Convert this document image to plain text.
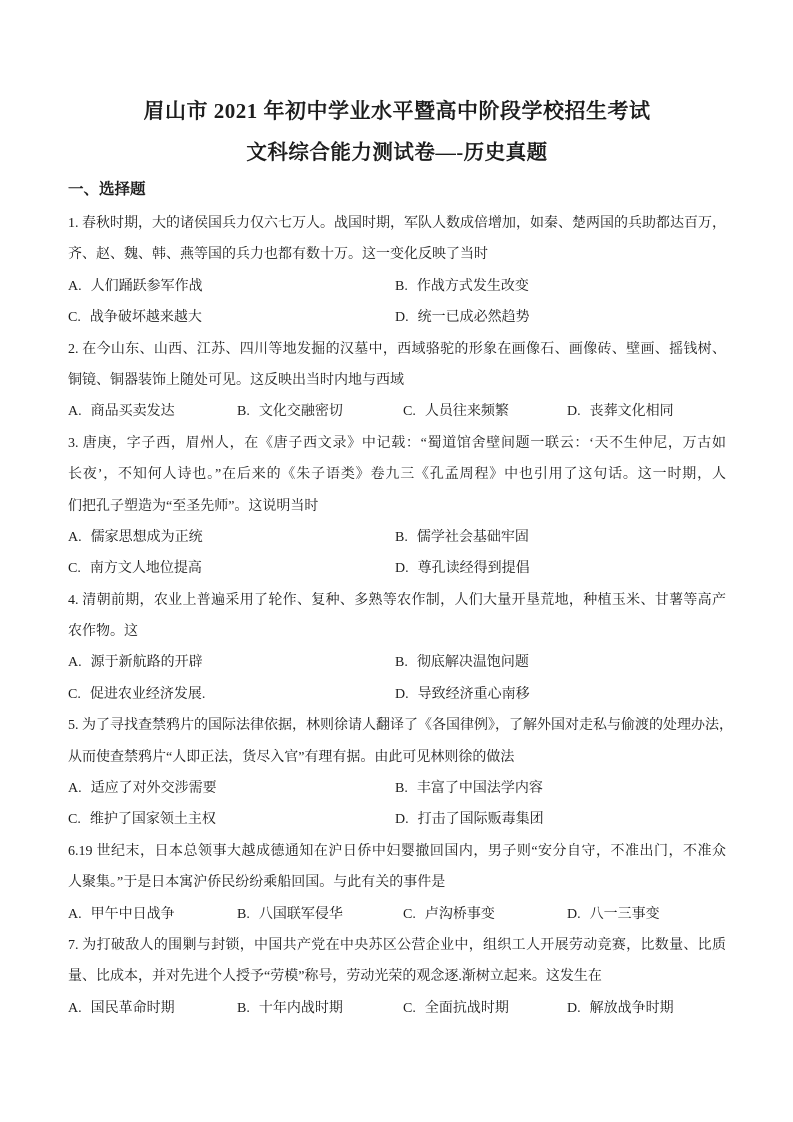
眉山市 2021 年初中学业水平暨高中阶段学校招生考试
文科综合能力测试卷—-历史真题
一、选择题
1. 春秋时期，大的诸侯国兵力仅六七万人。战国时期，军队人数成倍增加，如秦、楚两国的兵助都达百万，
齐、赵、魏、韩、燕等国的兵力也都有数十万。这一变化反映了当时
A. 人们踊跃参军作战	B. 作战方式发生改变
C. 战争破坏越来越大	D. 统一已成必然趋势
2. 在今山东、山西、江苏、四川等地发掘的汉墓中，西域骆驼的形象在画像石、画像砖、壁画、摇钱树、
铜镜、铜器装饰上随处可见。这反映出当时内地与西域
A. 商品买卖发达	B. 文化交融密切	C. 人员往来频繁	D. 丧葬文化相同
3. 唐庚，字子西，眉州人，在《唐子西文录》中记载：“蜀道馆舍壁间题一联云：‘天不生仲尼，万古如
长夜’，不知何人诗也。”在后来的《朱子语类》卷九三《孔孟周程》中也引用了这句话。这一时期，人
们把孔子塑造为“至圣先师”。这说明当时
A. 儒家思想成为正统	B. 儒学社会基础牢固
C. 南方文人地位提高	D. 尊孔读经得到提倡
4. 清朝前期，农业上普遍采用了轮作、复种、多熟等农作制，人们大量开垦荒地，种植玉米、甘薯等高产
农作物。这
A. 源于新航路的开辟	B. 彻底解决温饱问题
C. 促进农业经济发展.	D. 导致经济重心南移
5. 为了寻找查禁鸦片的国际法律依据，林则徐请人翻译了《各国律例》，了解外国对走私与偷渡的处理办法，
从而使查禁鸦片“人即正法，货尽入官”有理有据。由此可见林则徐的做法
A. 适应了对外交涉需要	B. 丰富了中国法学内容
C. 维护了国家领土主权	D. 打击了国际贩毒集团
6.19 世纪末，日本总领事大越成德通知在沪日侨中妇婴撤回国内，男子则“安分自守，不准出门，不准众
人聚集。”于是日本寓沪侨民纷纷乘船回国。与此有关的事件是
A. 甲午中日战争	B. 八国联军侵华	C. 卢沟桥事变	D. 八一三事变
7. 为打破敌人的围剿与封锁，中国共产党在中央苏区公营企业中，组织工人开展劳动竞赛，比数量、比质
量、比成本，并对先进个人授予“劳模”称号，劳动光荣的观念逐.渐树立起来。这发生在
A. 国民革命时期	B. 十年内战时期	C. 全面抗战时期	D. 解放战争时期
